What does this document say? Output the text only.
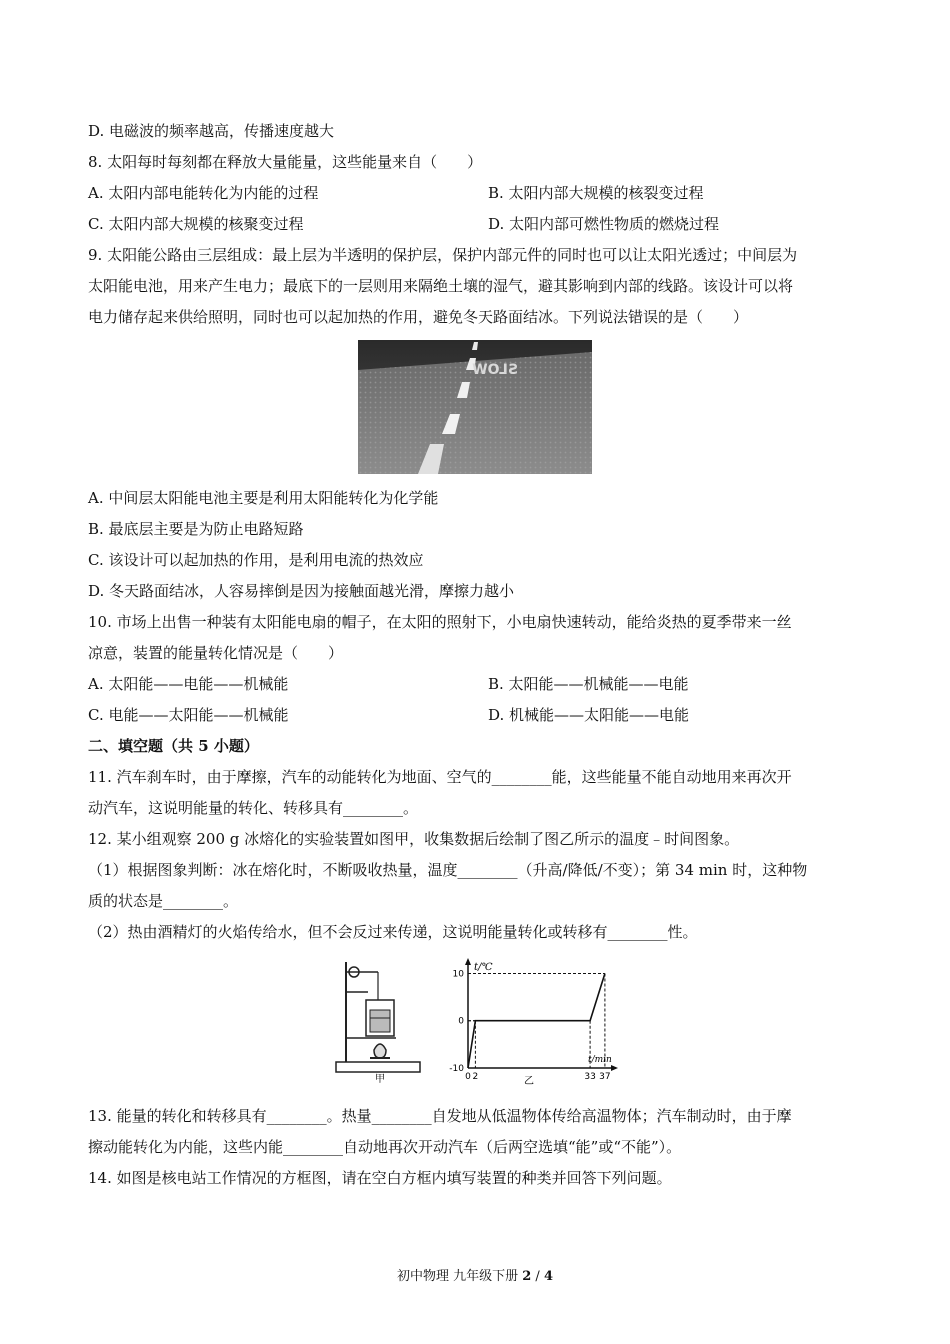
D. 电磁波的频率越高，传播速度越大
8. 太阳每时每刻都在释放大量能量，这些能量来自（　　）
A. 太阳内部电能转化为内能的过程	B. 太阳内部大规模的核裂变过程
C. 太阳内部大规模的核聚变过程	D. 太阳内部可燃性物质的燃烧过程
9. 太阳能公路由三层组成：最上层为半透明的保护层，保护内部元件的同时也可以让太阳光透过；中间层为
太阳能电池，用来产生电力；最底下的一层则用来隔绝土壤的湿气，避其影响到内部的线路。该设计可以将
电力储存起来供给照明，同时也可以起加热的作用，避免冬天路面结冰。下列说法错误的是（　　）
SLOW
A. 中间层太阳能电池主要是利用太阳能转化为化学能
B. 最底层主要是为防止电路短路
C. 该设计可以起加热的作用，是利用电流的热效应
D. 冬天路面结冰，人容易摔倒是因为接触面越光滑，摩擦力越小
10. 市场上出售一种装有太阳能电扇的帽子，在太阳的照射下，小电扇快速转动，能给炎热的夏季带来一丝
凉意，装置的能量转化情况是（　　）
A. 太阳能——电能——机械能	B. 太阳能——机械能——电能
C. 电能——太阳能——机械能	D. 机械能——太阳能——电能
二、填空题（共 5 小题）
11. 汽车刹车时，由于摩擦，汽车的动能转化为地面、空气的________能，这些能量不能自动地用来再次开
动汽车，这说明能量的转化、转移具有________。
12. 某小组观察 200 g 冰熔化的实验装置如图甲，收集数据后绘制了图乙所示的温度﹣时间图象。
（1）根据图象判断：冰在熔化时，不断吸收热量，温度________（升高/降低/不变）；第 34 min 时，这种物
质的状态是________。
（2）热由酒精灯的火焰传给水，但不会反过来传递，这说明能量转化或转移有________性。
甲
t/℃
t/min
0 2	33 37
10
0
-10
乙
13. 能量的转化和转移具有________。热量________自发地从低温物体传给高温物体；汽车制动时，由于摩
擦动能转化为内能，这些内能________自动地再次开动汽车（后两空选填“能”或“不能”）。
14. 如图是核电站工作情况的方框图，请在空白方框内填写装置的种类并回答下列问题。
初中物理 九年级下册 2 / 4
